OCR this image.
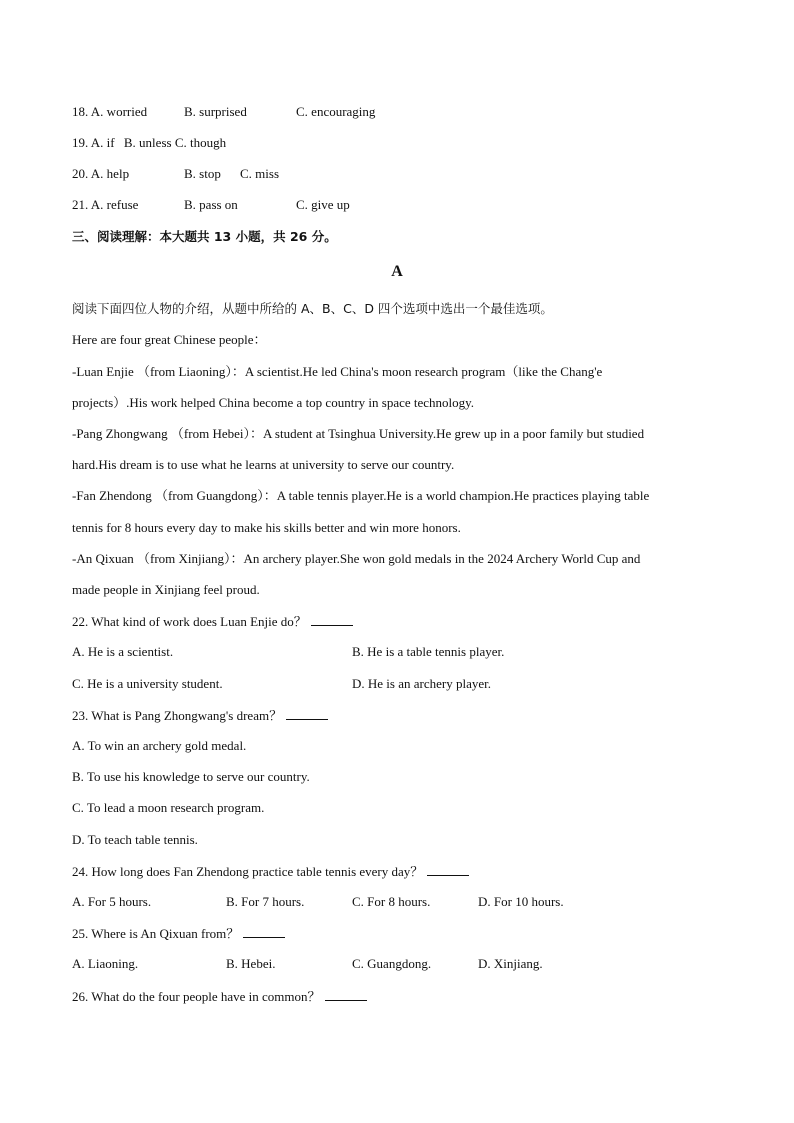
18. A. worried	B. surprised	C. encouraging
19. A. if B. unless C. though
20. A. help	B. stop C. miss
21. A. refuse	B. pass on	C. give up
三、阅读理解：本大题共 13 小题，共 26 分。
A
阅读下面四位人物的介绍，从题中所给的 A、B、C、D 四个选项中选出一个最佳选项。
Here are four great Chinese people：
-Luan Enjie （from Liaoning）：A scientist.He led China's moon research program（like the Chang'e
projects）.His work helped China become a top country in space technology.
-Pang Zhongwang （from Hebei）：A student at Tsinghua University.He grew up in a poor family but studied
hard.His dream is to use what he learns at university to serve our country.
-Fan Zhendong （from Guangdong）：A table tennis player.He is a world champion.He practices playing table
tennis for 8 hours every day to make his skills better and win more honors.
-An Qixuan （from Xinjiang）：An archery player.She won gold medals in the 2024 Archery World Cup and
made people in Xinjiang feel proud.
22. What kind of work does Luan Enjie do？
A. He is a scientist.	B. He is a table tennis player.
C. He is a university student.	D. He is an archery player.
23. What is Pang Zhongwang's dream？
A. To win an archery gold medal.
B. To use his knowledge to serve our country.
C. To lead a moon research program.
D. To teach table tennis.
24. How long does Fan Zhendong practice table tennis every day？
A. For 5 hours.	B. For 7 hours.	C. For 8 hours.	D. For 10 hours.
25. Where is An Qixuan from？
A. Liaoning.	B. Hebei.	C. Guangdong.	D. Xinjiang.
26. What do the four people have in common？
